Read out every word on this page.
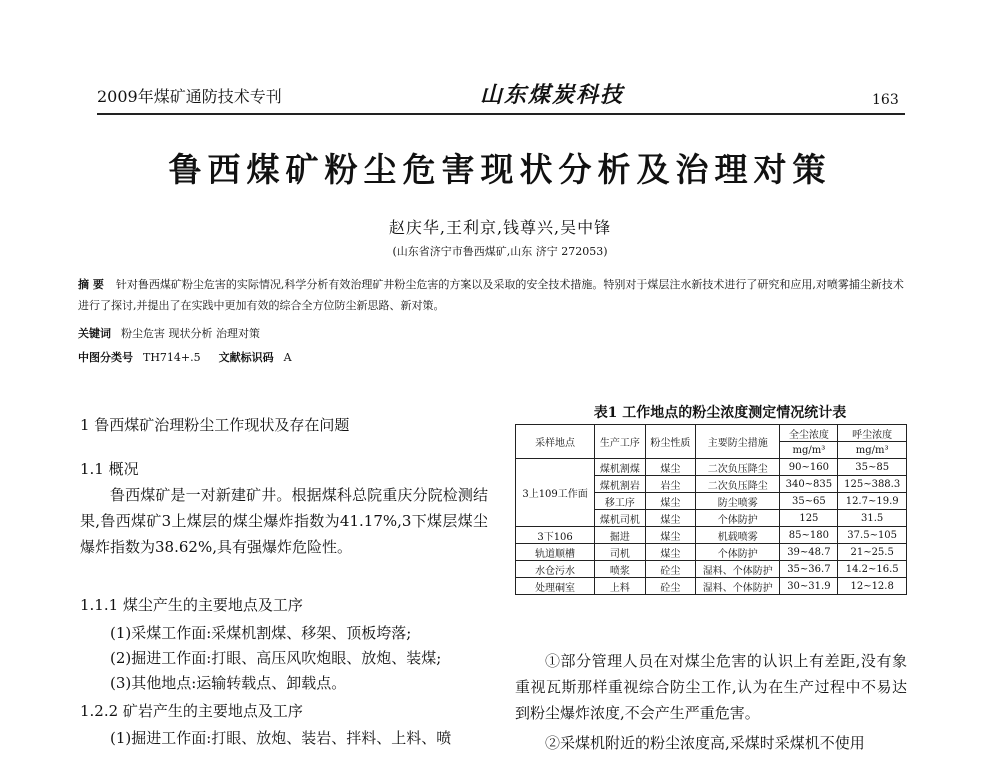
2009年煤矿通防技术专刊	山东煤炭科技	163
鲁西煤矿粉尘危害现状分析及治理对策
赵庆华,王利京,钱尊兴,吴中锋
(山东省济宁市鲁西煤矿,山东 济宁 272053)
摘 要 针对鲁西煤矿粉尘危害的实际情况,科学分析有效治理矿井粉尘危害的方案以及采取的安全技术措施。特别对于煤层注水新技术进行了研究和应用,对喷雾捕尘新技术进行了探讨,并提出了在实践中更加有效的综合全方位防尘新思路、新对策。
关键词 粉尘危害 现状分析 治理对策
中图分类号 TH714+.5 文献标识码 A
1 鲁西煤矿治理粉尘工作现状及存在问题
1.1 概况
鲁西煤矿是一对新建矿井。根据煤科总院重庆分院检测结果,鲁西煤矿3上煤层的煤尘爆炸指数为41.17%,3下煤层煤尘爆炸指数为38.62%,具有强爆炸危险性。
1.1.1 煤尘产生的主要地点及工序
(1)采煤工作面:采煤机割煤、移架、顶板垮落;
(2)掘进工作面:打眼、高压风吹炮眼、放炮、装煤;
(3)其他地点:运输转载点、卸载点。
1.2.2 矿岩产生的主要地点及工序
(1)掘进工作面:打眼、放炮、装岩、拌料、上料、喷
表1 工作地点的粉尘浓度测定情况统计表
采样地点	生产工序	粉尘性质	主要防尘措施	全尘浓度	呼尘浓度
				mg/m³	mg/m³
3上109工作面	煤机割煤	煤尘	二次负压降尘	90~160	35~85
	煤机割岩	岩尘	二次负压降尘	340~835	125~388.3
	移工序	煤尘	防尘喷雾	35~65	12.7~19.9
	煤机司机	煤尘	个体防护	125	31.5
3下106	掘进	煤尘	机载喷雾	85~180	37.5~105
轨道顺槽	司机	煤尘	个体防护	39~48.7	21~25.5
水仓污水	喷浆	砼尘	湿料、个体防护	35~36.7	14.2~16.5
处理硐室	上料	砼尘	湿料、个体防护	30~31.9	12~12.8
①部分管理人员在对煤尘危害的认识上有差距,没有象重视瓦斯那样重视综合防尘工作,认为在生产过程中不易达到粉尘爆炸浓度,不会产生严重危害。
②采煤机附近的粉尘浓度高,采煤时采煤机不使用
